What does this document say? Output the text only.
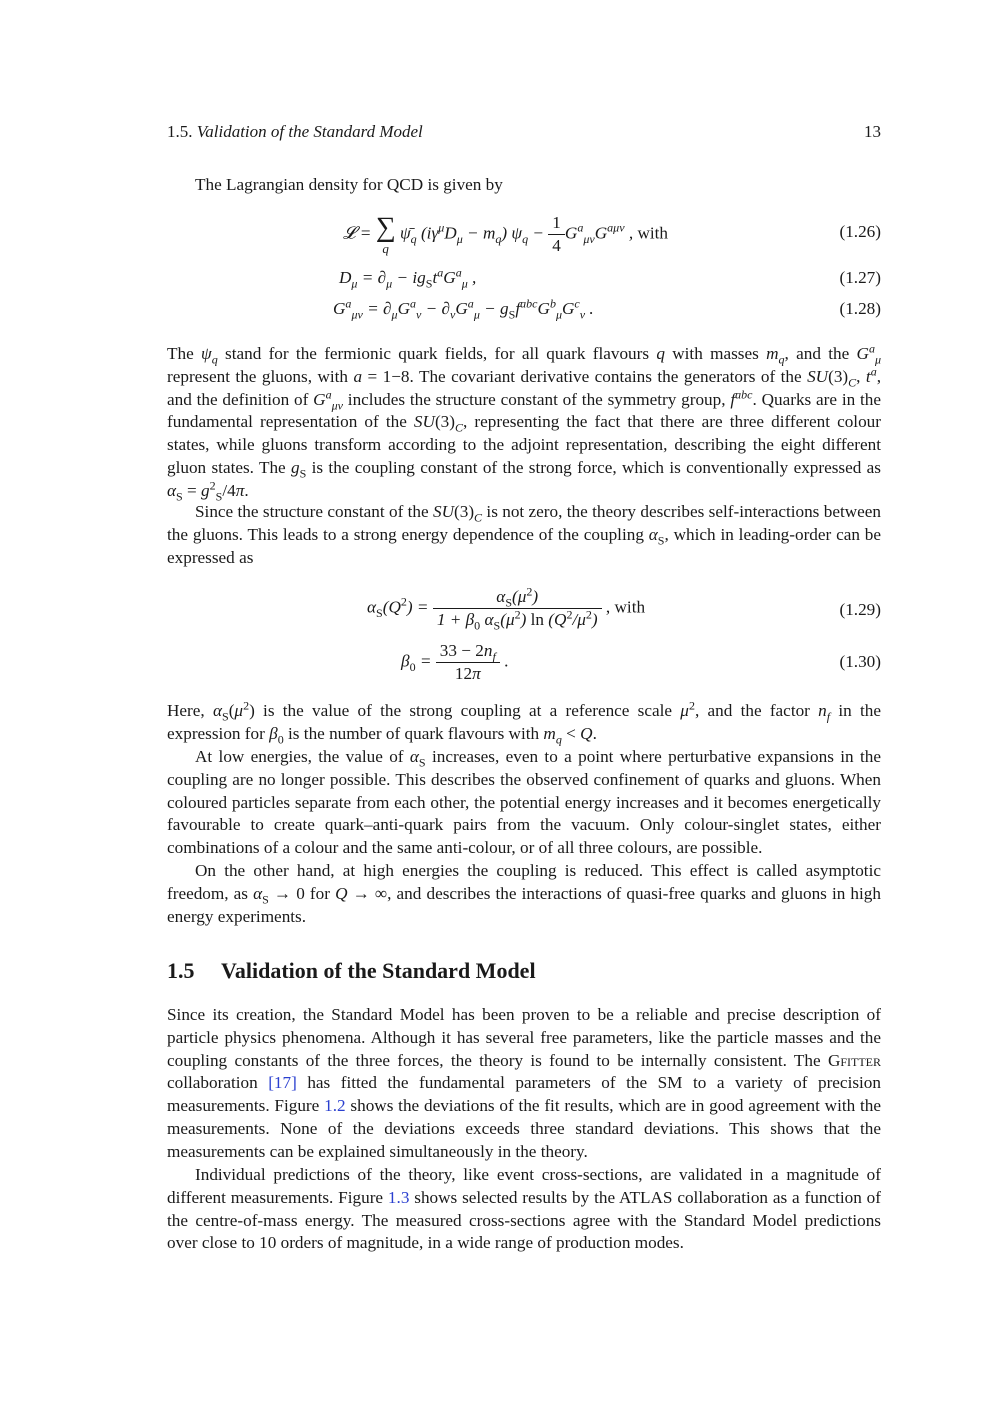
1.5. Validation of the Standard Model	13

The Lagrangian density for QCD is given by

𝓛 = ∑
q
$\psī_q$ $(i\gamma^\mu D_\mu - m_q) \psi_q - \frac{1}{4} G^a_{\mu\nu}G^{a\mu\nu}$ , with	(1.26)
$D_\mu = \partial_\mu - ig_St^aG^a_\mu$ ,	(1.27)
$G^a_{\mu\nu} = \partial_\mu G^a_\nu - \partial_\nu G^a_\mu - g_Sf^{abc}G^b_\mu G^c_\nu$ .	(1.28)

The $\psi_q$ stand for the fermionic quark fields, for all quark flavours q with masses $m_q$, and the $G^a_\mu$ represent the gluons, with a = 1−8. The covariant derivative contains the generators of the $SU(3)_C$, $t^a$, and the definition of $G^a_{\mu\nu}$ includes the structure constant of the symmetry group, $f^{abc}$. Quarks are in the fundamental representation of the $SU(3)_C$, representing the fact that there are three different colour states, while gluons transform according to the adjoint representation, describing the eight different gluon states. The $g_S$ is the coupling constant of the strong force, which is conventionally expressed as $\alpha_S = g^2_S/4\pi$.

Since the structure constant of the $SU(3)_C$ is not zero, the theory describes self-interactions between the gluons. This leads to a strong energy dependence of the coupling $\alpha_S$, which in leading-order can be expressed as

$\alpha_S(Q^2) = \frac{\alpha_S(\mu^2)}{1 + \beta_0 \alpha_S(\mu^2) \ln (Q^2/\mu^2)}$ , with	(1.29)
$\beta_0 = \frac{33 - 2n_f}{12\pi}$ .	(1.30)

Here, $\alpha_S(\mu^2)$ is the value of the strong coupling at a reference scale $\mu^2$, and the factor $n_f$ in the expression for $\beta_0$ is the number of quark flavours with $m_q < Q$.

At low energies, the value of $\alpha_S$ increases, even to a point where perturbative expansions in the coupling are no longer possible. This describes the observed confinement of quarks and gluons. When coloured particles separate from each other, the potential energy increases and it becomes energetically favourable to create quark–anti-quark pairs from the vacuum. Only colour-singlet states, either combinations of a colour and the same anti-colour, or of all three colours, are possible.

On the other hand, at high energies the coupling is reduced. This effect is called asymptotic freedom, as $\alpha_S \to 0$ for Q → ∞, and describes the interactions of quasi-free quarks and gluons in high energy experiments.

1.5 Validation of the Standard Model

Since its creation, the Standard Model has been proven to be a reliable and precise description of particle physics phenomena. Although it has several free parameters, like the particle masses and the coupling constants of the three forces, the theory is found to be internally consistent. The Gfitter collaboration [17] has fitted the fundamental parameters of the SM to a variety of precision measurements. Figure 1.2 shows the deviations of the fit results, which are in good agreement with the measurements. None of the deviations exceeds three standard deviations. This shows that the measurements can be explained simultaneously in the theory.

Individual predictions of the theory, like event cross-sections, are validated in a magnitude of different measurements. Figure 1.3 shows selected results by the ATLAS collaboration as a function of the centre-of-mass energy. The measured cross-sections agree with the Standard Model predictions over close to 10 orders of magnitude, in a wide range of production modes.
